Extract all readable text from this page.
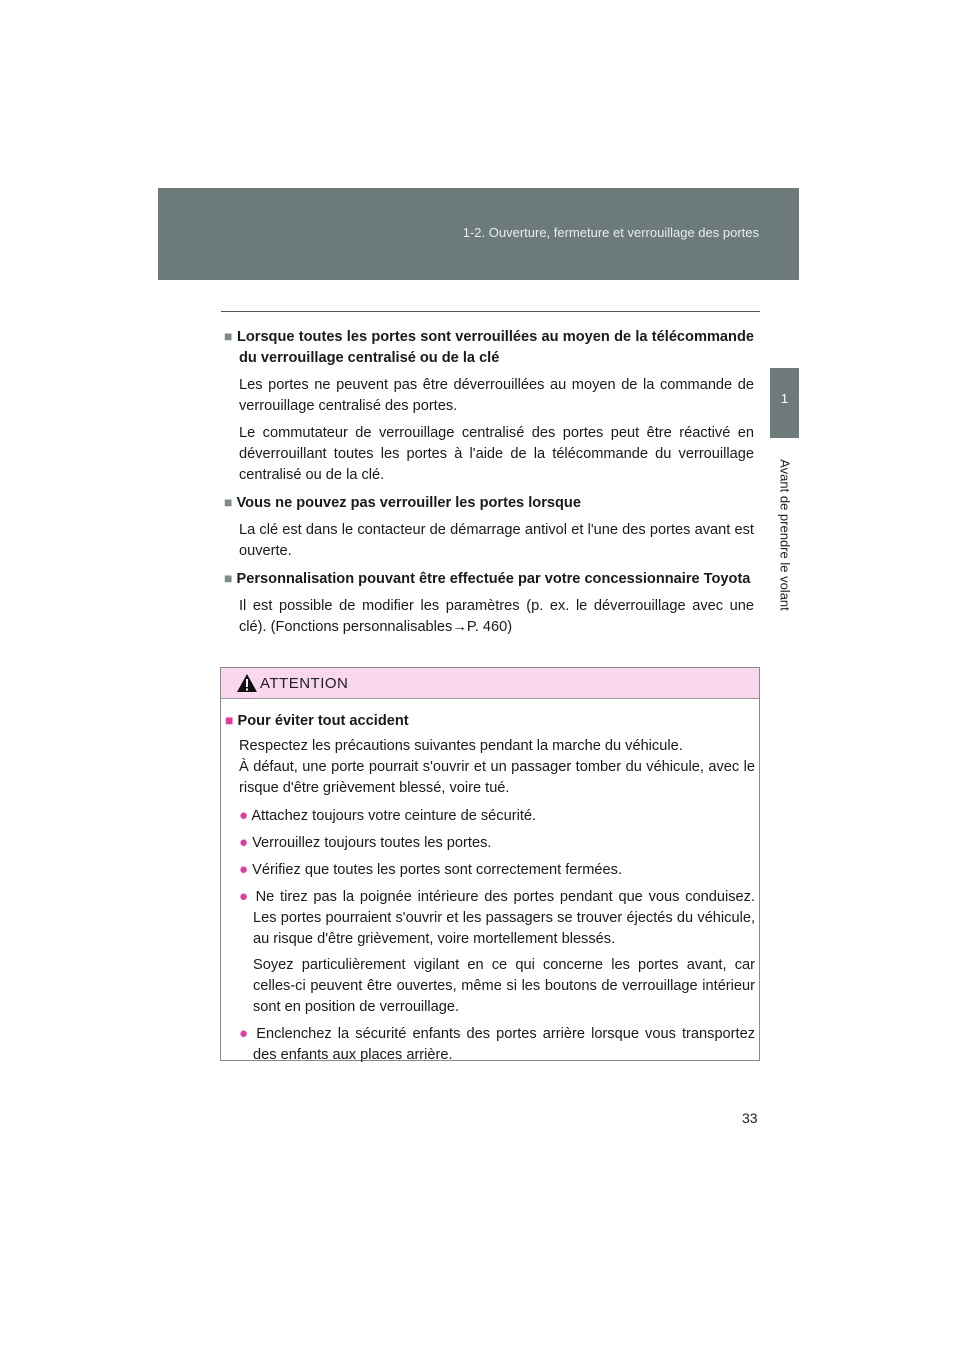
1-2. Ouverture, fermeture et verrouillage des portes
1
Avant de prendre le volant

■ Lorsque toutes les portes sont verrouillées au moyen de la télécommande du verrouillage centralisé ou de la clé

Les portes ne peuvent pas être déverrouillées au moyen de la commande de verrouillage centralisé des portes.

Le commutateur de verrouillage centralisé des portes peut être réactivé en déverrouillant toutes les portes à l'aide de la télécommande du verrouillage centralisé ou de la clé.

■ Vous ne pouvez pas verrouiller les portes lorsque

La clé est dans le contacteur de démarrage antivol et l'une des portes avant est ouverte.

■ Personnalisation pouvant être effectuée par votre concessionnaire Toyota

Il est possible de modifier les paramètres (p. ex. le déverrouillage avec une clé). (Fonctions personnalisables→P. 460)

ATTENTION

■ Pour éviter tout accident

Respectez les précautions suivantes pendant la marche du véhicule.

À défaut, une porte pourrait s'ouvrir et un passager tomber du véhicule, avec le risque d'être grièvement blessé, voire tué.

● Attachez toujours votre ceinture de sécurité.

● Verrouillez toujours toutes les portes.

● Vérifiez que toutes les portes sont correctement fermées.

● Ne tirez pas la poignée intérieure des portes pendant que vous conduisez. Les portes pourraient s'ouvrir et les passagers se trouver éjectés du véhicule, au risque d'être grièvement, voire mortellement blessés.

Soyez particulièrement vigilant en ce qui concerne les portes avant, car celles-ci peuvent être ouvertes, même si les boutons de verrouillage intérieur sont en position de verrouillage.

● Enclenchez la sécurité enfants des portes arrière lorsque vous transportez des enfants aux places arrière.

33
